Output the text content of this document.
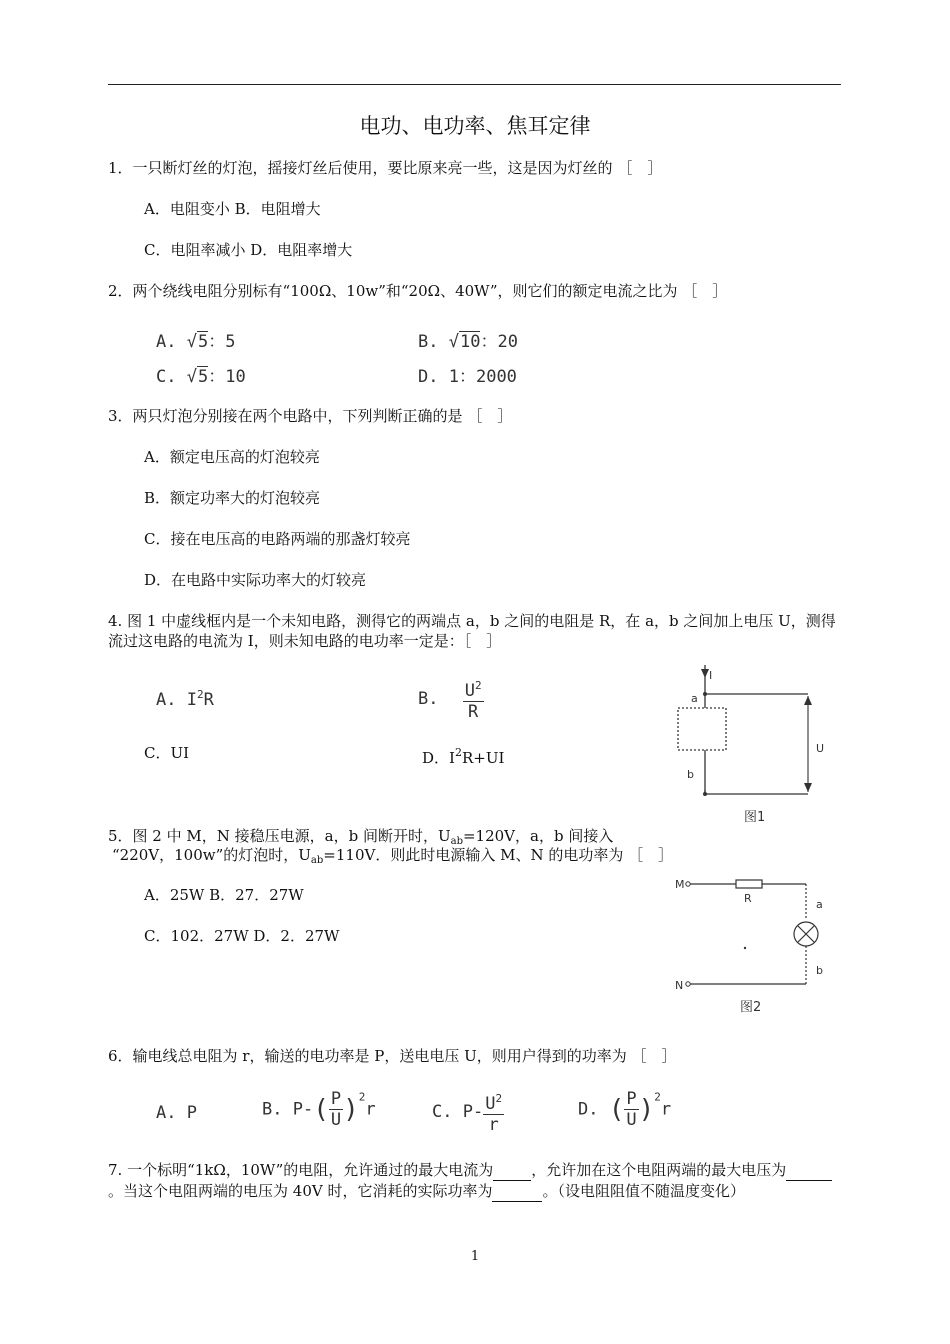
电功、电功率、焦耳定律
1．一只断灯丝的灯泡，摇接灯丝后使用，要比原来亮一些，这是因为灯丝的 ［　］
A．电阻变小 B．电阻增大
C．电阻率减小 D．电阻率增大
2．两个绕线电阻分别标有“100Ω、10w”和“20Ω、40W”，则它们的额定电流之比为 ［　］
A. √5：5	B. √10：20
C. √5：10	D. 1：2000
3．两只灯泡分别接在两个电路中，下列判断正确的是 ［　］
A．额定电压高的灯泡较亮
B．额定功率大的灯泡较亮
C．接在电压高的电路两端的那盏灯较亮
D．在电路中实际功率大的灯较亮
4. 图 1 中虚线框内是一个未知电路，测得它的两端点 a，b 之间的电阻是 R，在 a，b 之间加上电压 U，测得流过这电路的电流为 I，则未知电路的电功率一定是：［　］
A. $I^2R$	B. $\frac{U^2}{R}$
C．UI	D．$I^2R+UI$
I
a
b
U
图1
5．图 2 中 M，N 接稳压电源，a，b 间断开时，$U_{ab}=120V$，a，b 间接入
“220V，100w”的灯泡时，$U_{ab}=110V$．则此时电源输入 M、N 的电功率为 ［　］
A．25W B．27．27W
C．102．27W D．2．27W
M
N
R	a
b
图2
6．输电线总电阻为 r，输送的电功率是 P，送电电压 U，则用户得到的功率为 ［　］
A. P	B. $P-( \frac{P}{U} )^2r$	C. $P- \frac{U^2}{r}$	D. ( $\frac{P}{U} )^2r$
7. 一个标明“1kΩ，10W”的电阻，允许通过的最大电流为	，允许加在这个电阻两端的最大电压为 。当这个电阻两端的电压为 40V 时，它消耗的实际功率为	。（设电阻阻值不随温度变化）
1
